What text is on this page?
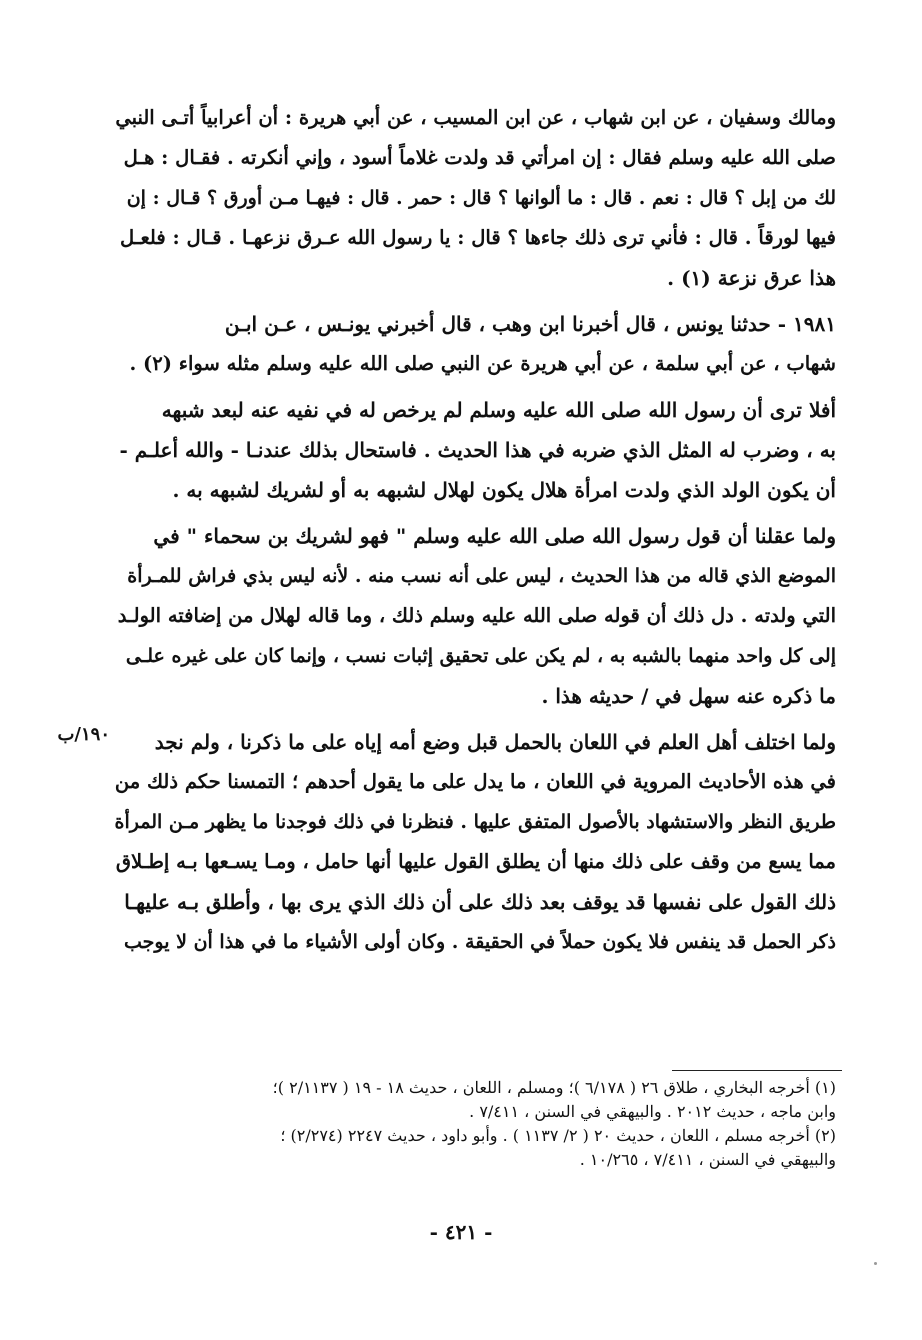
ومالك وسفيان ، عن ابن شهاب ، عن ابن المسيب ، عن أبي هريرة : أن أعرابياً أتـى النبي
صلى الله عليه وسلم فقال : إن امرأتي قد ولدت غلاماً أسود ، وإني أنكرته . فقـال : هـل
لك من إبل ؟ قال : نعم . قال : ما ألوانها ؟ قال : حمر . قال : فيهـا مـن أورق ؟ قـال : إن
فيها لورقاً . قال : فأني ترى ذلك جاءها ؟ قال : يا رسول الله عـرق نزعهـا . قـال : فلعـل
هذا عرق نزعة (١) .
١٩٨١ - حدثنا يونس ، قال أخبرنا ابن وهب ، قال أخبرني يونـس ، عـن ابـن
شهاب ، عن أبي سلمة ، عن أبي هريرة عن النبي صلى الله عليه وسلم مثله سواء (٢) .
أفلا ترى أن رسول الله صلى الله عليه وسلم لم يرخص له في نفيه عنه لبعد شبهه
به ، وضرب له المثل الذي ضربه في هذا الحديث . فاستحال بذلك عندنـا - والله أعلـم -
أن يكون الولد الذي ولدت امرأة هلال يكون لهلال لشبهه به أو لشريك لشبهه به .
ولما عقلنا أن قول رسول الله صلى الله عليه وسلم " فهو لشريك بن سحماء " في
الموضع الذي قاله من هذا الحديث ، ليس على أنه نسب منه . لأنه ليس بذي فراش للمـرأة
التي ولدته . دل ذلك أن قوله صلى الله عليه وسلم ذلك ، وما قاله لهلال من إضافته الولـد
إلى كل واحد منهما بالشبه به ، لم يكن على تحقيق إثبات نسب ، وإنما كان على غيره علـى
ما ذكره عنه سهل في / حديثه هذا .
ولما اختلف أهل العلم في اللعان بالحمل قبل وضع أمه إياه على ما ذكرنا ، ولم نجد
في هذه الأحاديث المروية في اللعان ، ما يدل على ما يقول أحدهم ؛ التمسنا حكم ذلك من
طريق النظر والاستشهاد بالأصول المتفق عليها . فنظرنا في ذلك فوجدنا ما يظهر مـن المرأة
مما يسع من وقف على ذلك منها أن يطلق القول عليها أنها حامل ، ومـا يسـعها بـه إطـلاق
ذلك القول على نفسها قد يوقف بعد ذلك على أن ذلك الذي يرى بها ، وأطلق بـه عليهـا
ذكر الحمل قد ينفس فلا يكون حملاً في الحقيقة . وكان أولى الأشياء ما في هذا أن لا يوجب
١٩٠/ب
(١) أخرجه البخاري ، طلاق ٢٦ ( ٦/١٧٨ )؛ ومسلم ، اللعان ، حديث ١٨ - ١٩ ( ٢/١١٣٧ )؛
وابن ماجه ، حديث ٢٠١٢ . والبيهقي في السنن ، ٧/٤١١ .
(٢) أخرجه مسلم ، اللعان ، حديث ٢٠ ( ٢/ ١١٣٧ ) . وأبو داود ، حديث ٢٢٤٧ (٢/٢٧٤) ؛
والبيهقي في السنن ، ٧/٤١١ ، ١٠/٢٦٥ .
- ٤٢١ -
